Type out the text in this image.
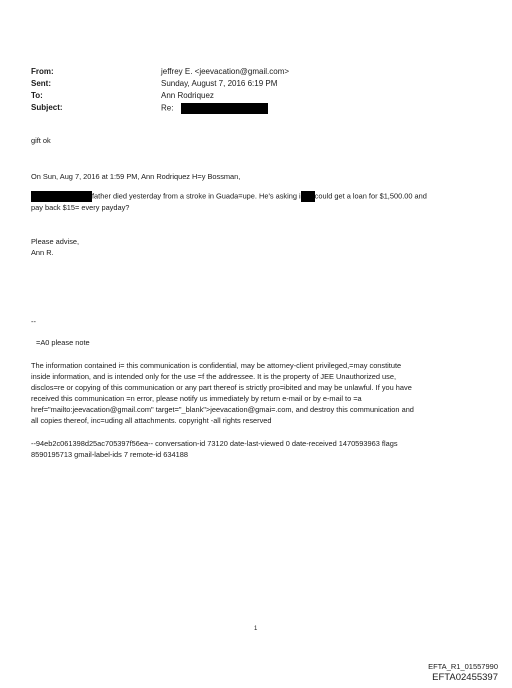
From:
Sent:
To:
Subject:
jeffrey E. <jeevacation@gmail.com>
Sunday, August 7, 2016 6:19 PM
Ann Rodriquez
Re:
gift ok
On Sun, Aug 7, 2016 at 1:59 PM, Ann Rodriquez H=y Bossman,
father died yesterday from a stroke in Guada=upe. He's asking i could get a loan for $1,500.00 and
pay back $15= every payday?
Please advise,
Ann R.
--
=A0 please note
The information contained i= this communication is confidential, may be attorney-client privileged,=may constitute
inside information, and is intended only for the use =f the addressee. It is the property of JEE Unauthorized use,
disclos=re or copying of this communication or any part thereof is strictly pro=ibited and may be unlawful. If you have
received this communication =n error, please notify us immediately by return e-mail or by e-mail to =a
href="mailto:jeevacation@gmail.com" target="_blank">jeevacation@gmai=.com, and destroy this communication and
all copies thereof, inc=uding all attachments. copyright -all rights reserved
--94eb2c061398d25ac705397f56ea-- conversation-id 73120 date-last-viewed 0 date-received 1470593963 flags
8590195713 gmail-label-ids 7 remote-id 634188
1
EFTA_R1_01557990
EFTA02455397
